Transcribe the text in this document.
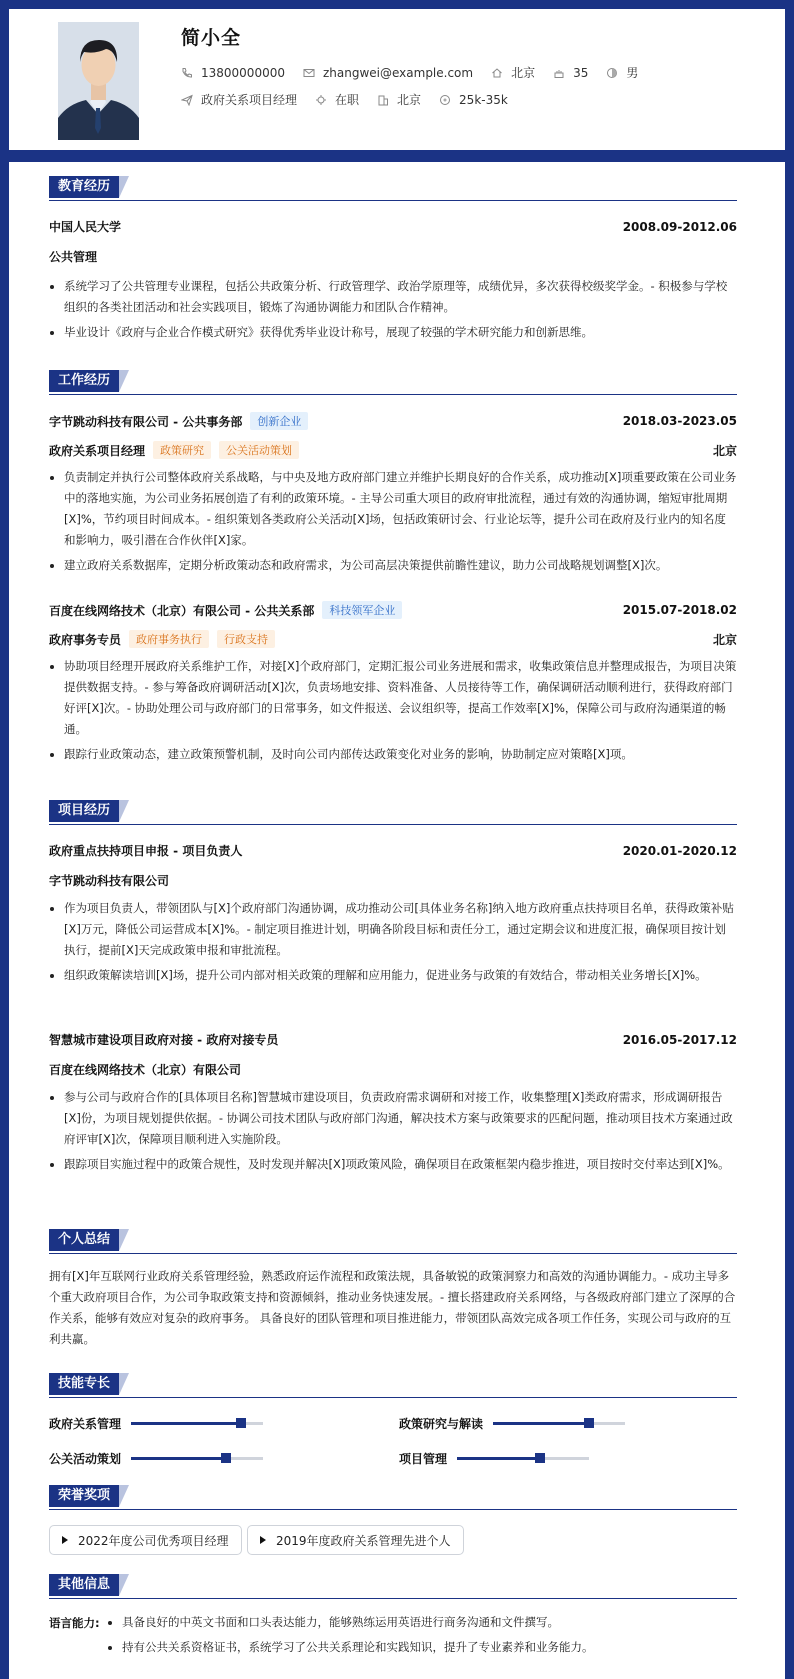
简小全
13800000000	zhangwei@example.com	北京	35	男
政府关系项目经理	在职	北京	25k-35k
教育经历
中国人民大学	2008.09-2012.06
公共管理
系统学习了公共管理专业课程，包括公共政策分析、行政管理学、政治学原理等，成绩优异，多次获得校级奖学金。- 积极参与学校组织的各类社团活动和社会实践项目，锻炼了沟通协调能力和团队合作精神。
毕业设计《政府与企业合作模式研究》获得优秀毕业设计称号，展现了较强的学术研究能力和创新思维。
工作经历
字节跳动科技有限公司 - 公共事务部	创新企业	2018.03-2023.05
政府关系项目经理	政策研究	公关活动策划	北京
负责制定并执行公司整体政府关系战略，与中央及地方政府部门建立并维护长期良好的合作关系，成功推动[X]项重要政策在公司业务中的落地实施，为公司业务拓展创造了有利的政策环境。- 主导公司重大项目的政府审批流程，通过有效的沟通协调，缩短审批周期[X]%，节约项目时间成本。- 组织策划各类政府公关活动[X]场，包括政策研讨会、行业论坛等，提升公司在政府及行业内的知名度和影响力，吸引潜在合作伙伴[X]家。
建立政府关系数据库，定期分析政策动态和政府需求，为公司高层决策提供前瞻性建议，助力公司战略规划调整[X]次。
百度在线网络技术（北京）有限公司 - 公共关系部	科技领军企业	2015.07-2018.02
政府事务专员	政府事务执行	行政支持	北京
协助项目经理开展政府关系维护工作，对接[X]个政府部门，定期汇报公司业务进展和需求，收集政策信息并整理成报告，为项目决策提供数据支持。- 参与筹备政府调研活动[X]次，负责场地安排、资料准备、人员接待等工作，确保调研活动顺利进行，获得政府部门好评[X]次。- 协助处理公司与政府部门的日常事务，如文件报送、会议组织等，提高工作效率[X]%，保障公司与政府沟通渠道的畅通。
跟踪行业政策动态，建立政策预警机制，及时向公司内部传达政策变化对业务的影响，协助制定应对策略[X]项。
项目经历
政府重点扶持项目申报 - 项目负责人	2020.01-2020.12
字节跳动科技有限公司
作为项目负责人，带领团队与[X]个政府部门沟通协调，成功推动公司[具体业务名称]纳入地方政府重点扶持项目名单，获得政策补贴[X]万元，降低公司运营成本[X]%。- 制定项目推进计划，明确各阶段目标和责任分工，通过定期会议和进度汇报，确保项目按计划执行，提前[X]天完成政策申报和审批流程。
组织政策解读培训[X]场，提升公司内部对相关政策的理解和应用能力，促进业务与政策的有效结合，带动相关业务增长[X]%。
智慧城市建设项目政府对接 - 政府对接专员	2016.05-2017.12
百度在线网络技术（北京）有限公司
参与公司与政府合作的[具体项目名称]智慧城市建设项目，负责政府需求调研和对接工作，收集整理[X]类政府需求，形成调研报告[X]份，为项目规划提供依据。- 协调公司技术团队与政府部门沟通，解决技术方案与政策要求的匹配问题，推动项目技术方案通过政府评审[X]次，保障项目顺利进入实施阶段。
跟踪项目实施过程中的政策合规性，及时发现并解决[X]项政策风险，确保项目在政策框架内稳步推进，项目按时交付率达到[X]%。
个人总结
拥有[X]年互联网行业政府关系管理经验，熟悉政府运作流程和政策法规，具备敏锐的政策洞察力和高效的沟通协调能力。- 成功主导多个重大政府项目合作，为公司争取政策支持和资源倾斜，推动业务快速发展。- 擅长搭建政府关系网络，与各级政府部门建立了深厚的合作关系，能够有效应对复杂的政府事务。 具备良好的团队管理和项目推进能力，带领团队高效完成各项工作任务，实现公司与政府的互利共赢。
技能专长
政府关系管理	政策研究与解读
公关活动策划	项目管理
荣誉奖项
2022年度公司优秀项目经理	2019年度政府关系管理先进个人
其他信息
语言能力:	具备良好的中英文书面和口头表达能力，能够熟练运用英语进行商务沟通和文件撰写。
持有公共关系资格证书，系统学习了公共关系理论和实践知识，提升了专业素养和业务能力。
